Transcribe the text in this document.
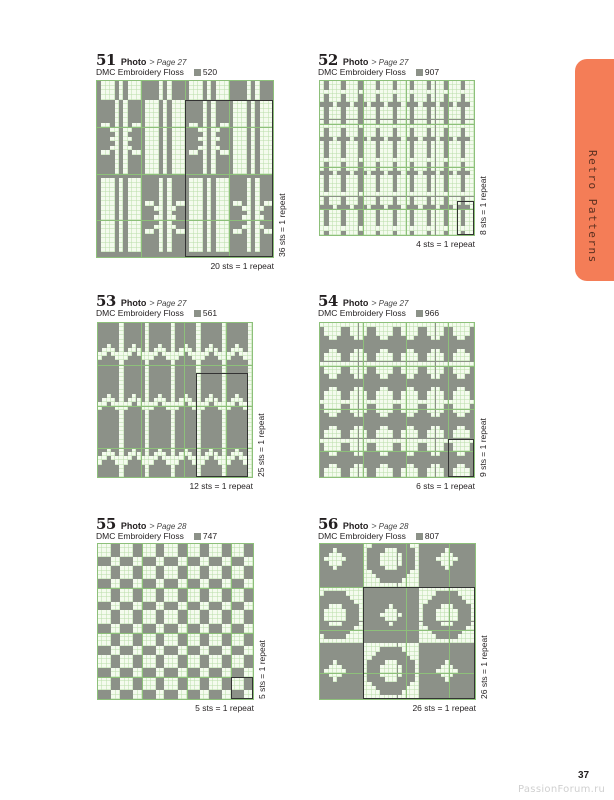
Retro Patterns
51 Photo > Page 27
DMC Embroidery Floss 520
20 sts = 1 repeat
36 sts = 1 repeat
52 Photo > Page 27
DMC Embroidery Floss 907
4 sts = 1 repeat
8 sts = 1 repeat
53 Photo > Page 27
DMC Embroidery Floss 561
12 sts = 1 repeat
25 sts = 1 repeat
54 Photo > Page 27
DMC Embroidery Floss 966
6 sts = 1 repeat
9 sts = 1 repeat
55 Photo > Page 28
DMC Embroidery Floss 747
5 sts = 1 repeat
5 sts = 1 repeat
56 Photo > Page 28
DMC Embroidery Floss 807
26 sts = 1 repeat
26 sts = 1 repeat
37
PassionForum.ru
